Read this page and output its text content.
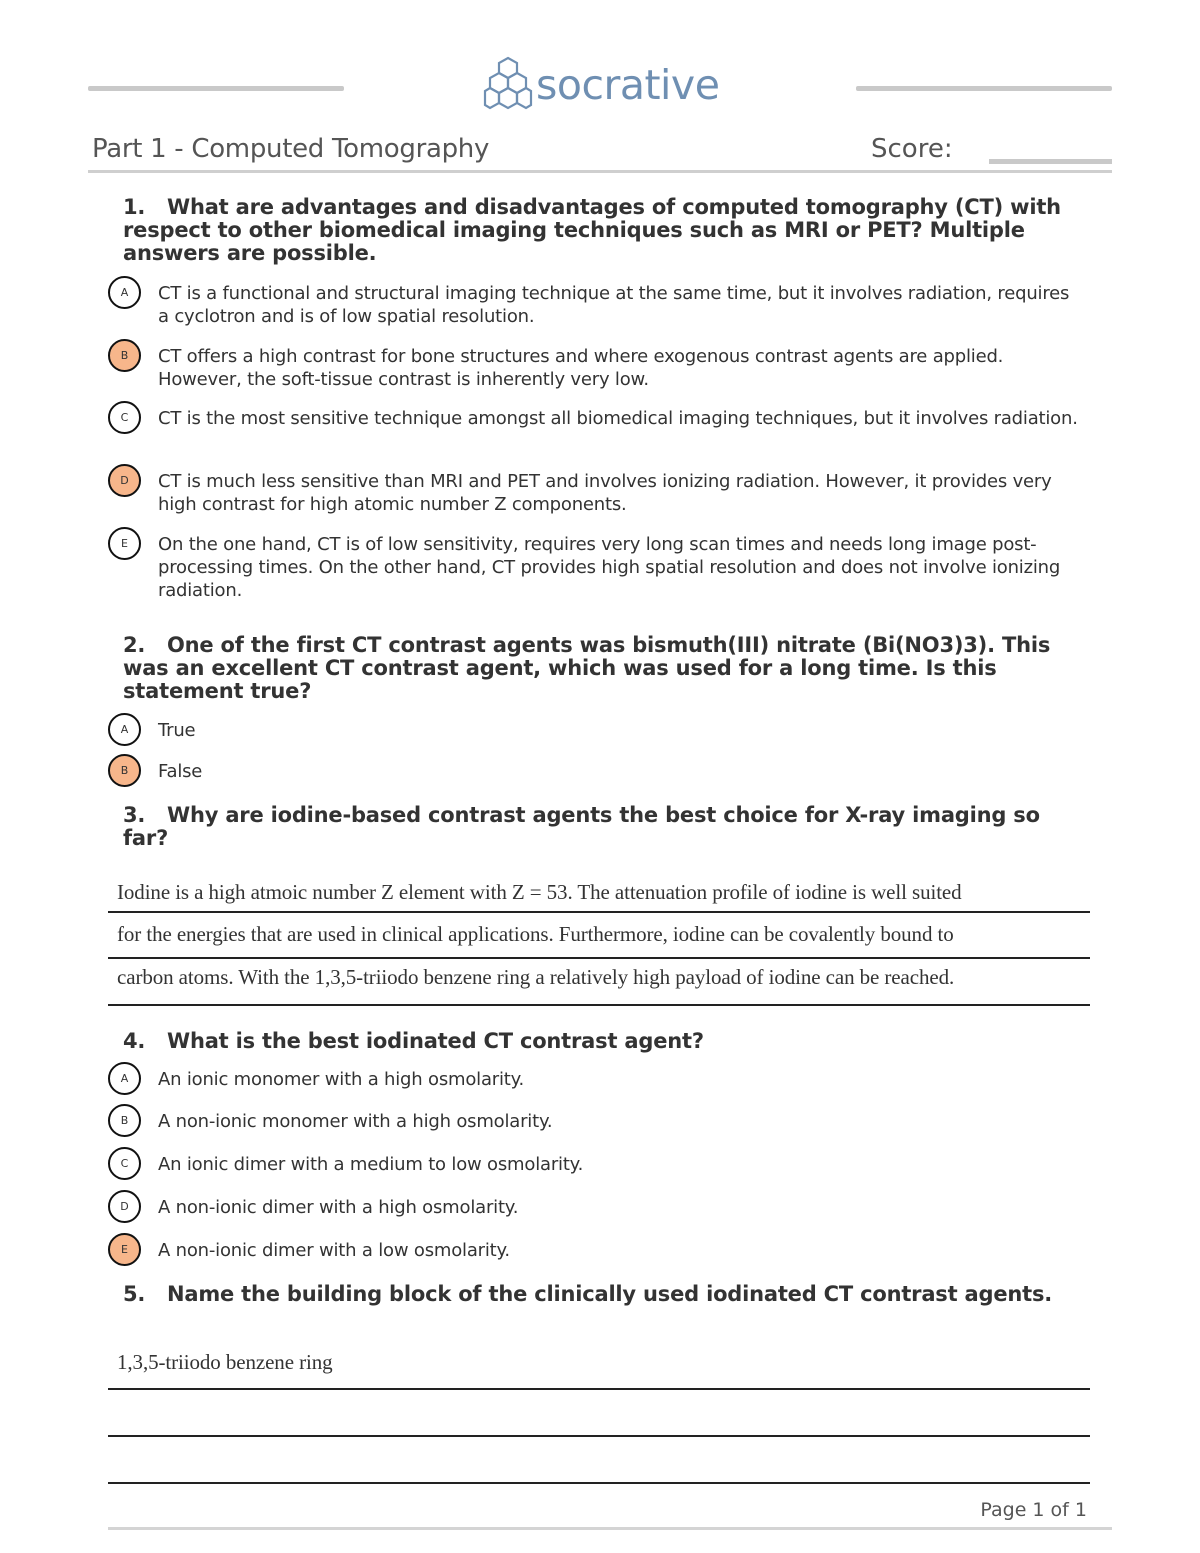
socrative
Part 1 - Computed Tomography	Score:
1. What are advantages and disadvantages of computed tomography (CT) with respect to other biomedical imaging techniques such as MRI or PET? Multiple answers are possible.
A	CT is a functional and structural imaging technique at the same time, but it involves radiation, requires a cyclotron and is of low spatial resolution.
B	CT offers a high contrast for bone structures and where exogenous contrast agents are applied. However, the soft-tissue contrast is inherently very low.
C	CT is the most sensitive technique amongst all biomedical imaging techniques, but it involves radiation.
D	CT is much less sensitive than MRI and PET and involves ionizing radiation. However, it provides very high contrast for high atomic number Z components.
E	On the one hand, CT is of low sensitivity, requires very long scan times and needs long image post-processing times. On the other hand, CT provides high spatial resolution and does not involve ionizing radiation.
2. One of the first CT contrast agents was bismuth(III) nitrate (Bi(NO3)3). This was an excellent CT contrast agent, which was used for a long time. Is this statement true?
A	True
B	False
3. Why are iodine-based contrast agents the best choice for X-ray imaging so far?
Iodine is a high atmoic number Z element with Z = 53. The attenuation profile of iodine is well suited
for the energies that are used in clinical applications. Furthermore, iodine can be covalently bound to
carbon atoms. With the 1,3,5-triiodo benzene ring a relatively high payload of iodine can be reached.
4. What is the best iodinated CT contrast agent?
A	An ionic monomer with a high osmolarity.
B	A non-ionic monomer with a high osmolarity.
C	An ionic dimer with a medium to low osmolarity.
D	A non-ionic dimer with a high osmolarity.
E	A non-ionic dimer with a low osmolarity.
5. Name the building block of the clinically used iodinated CT contrast agents.
1,3,5-triiodo benzene ring
Page 1 of 1
